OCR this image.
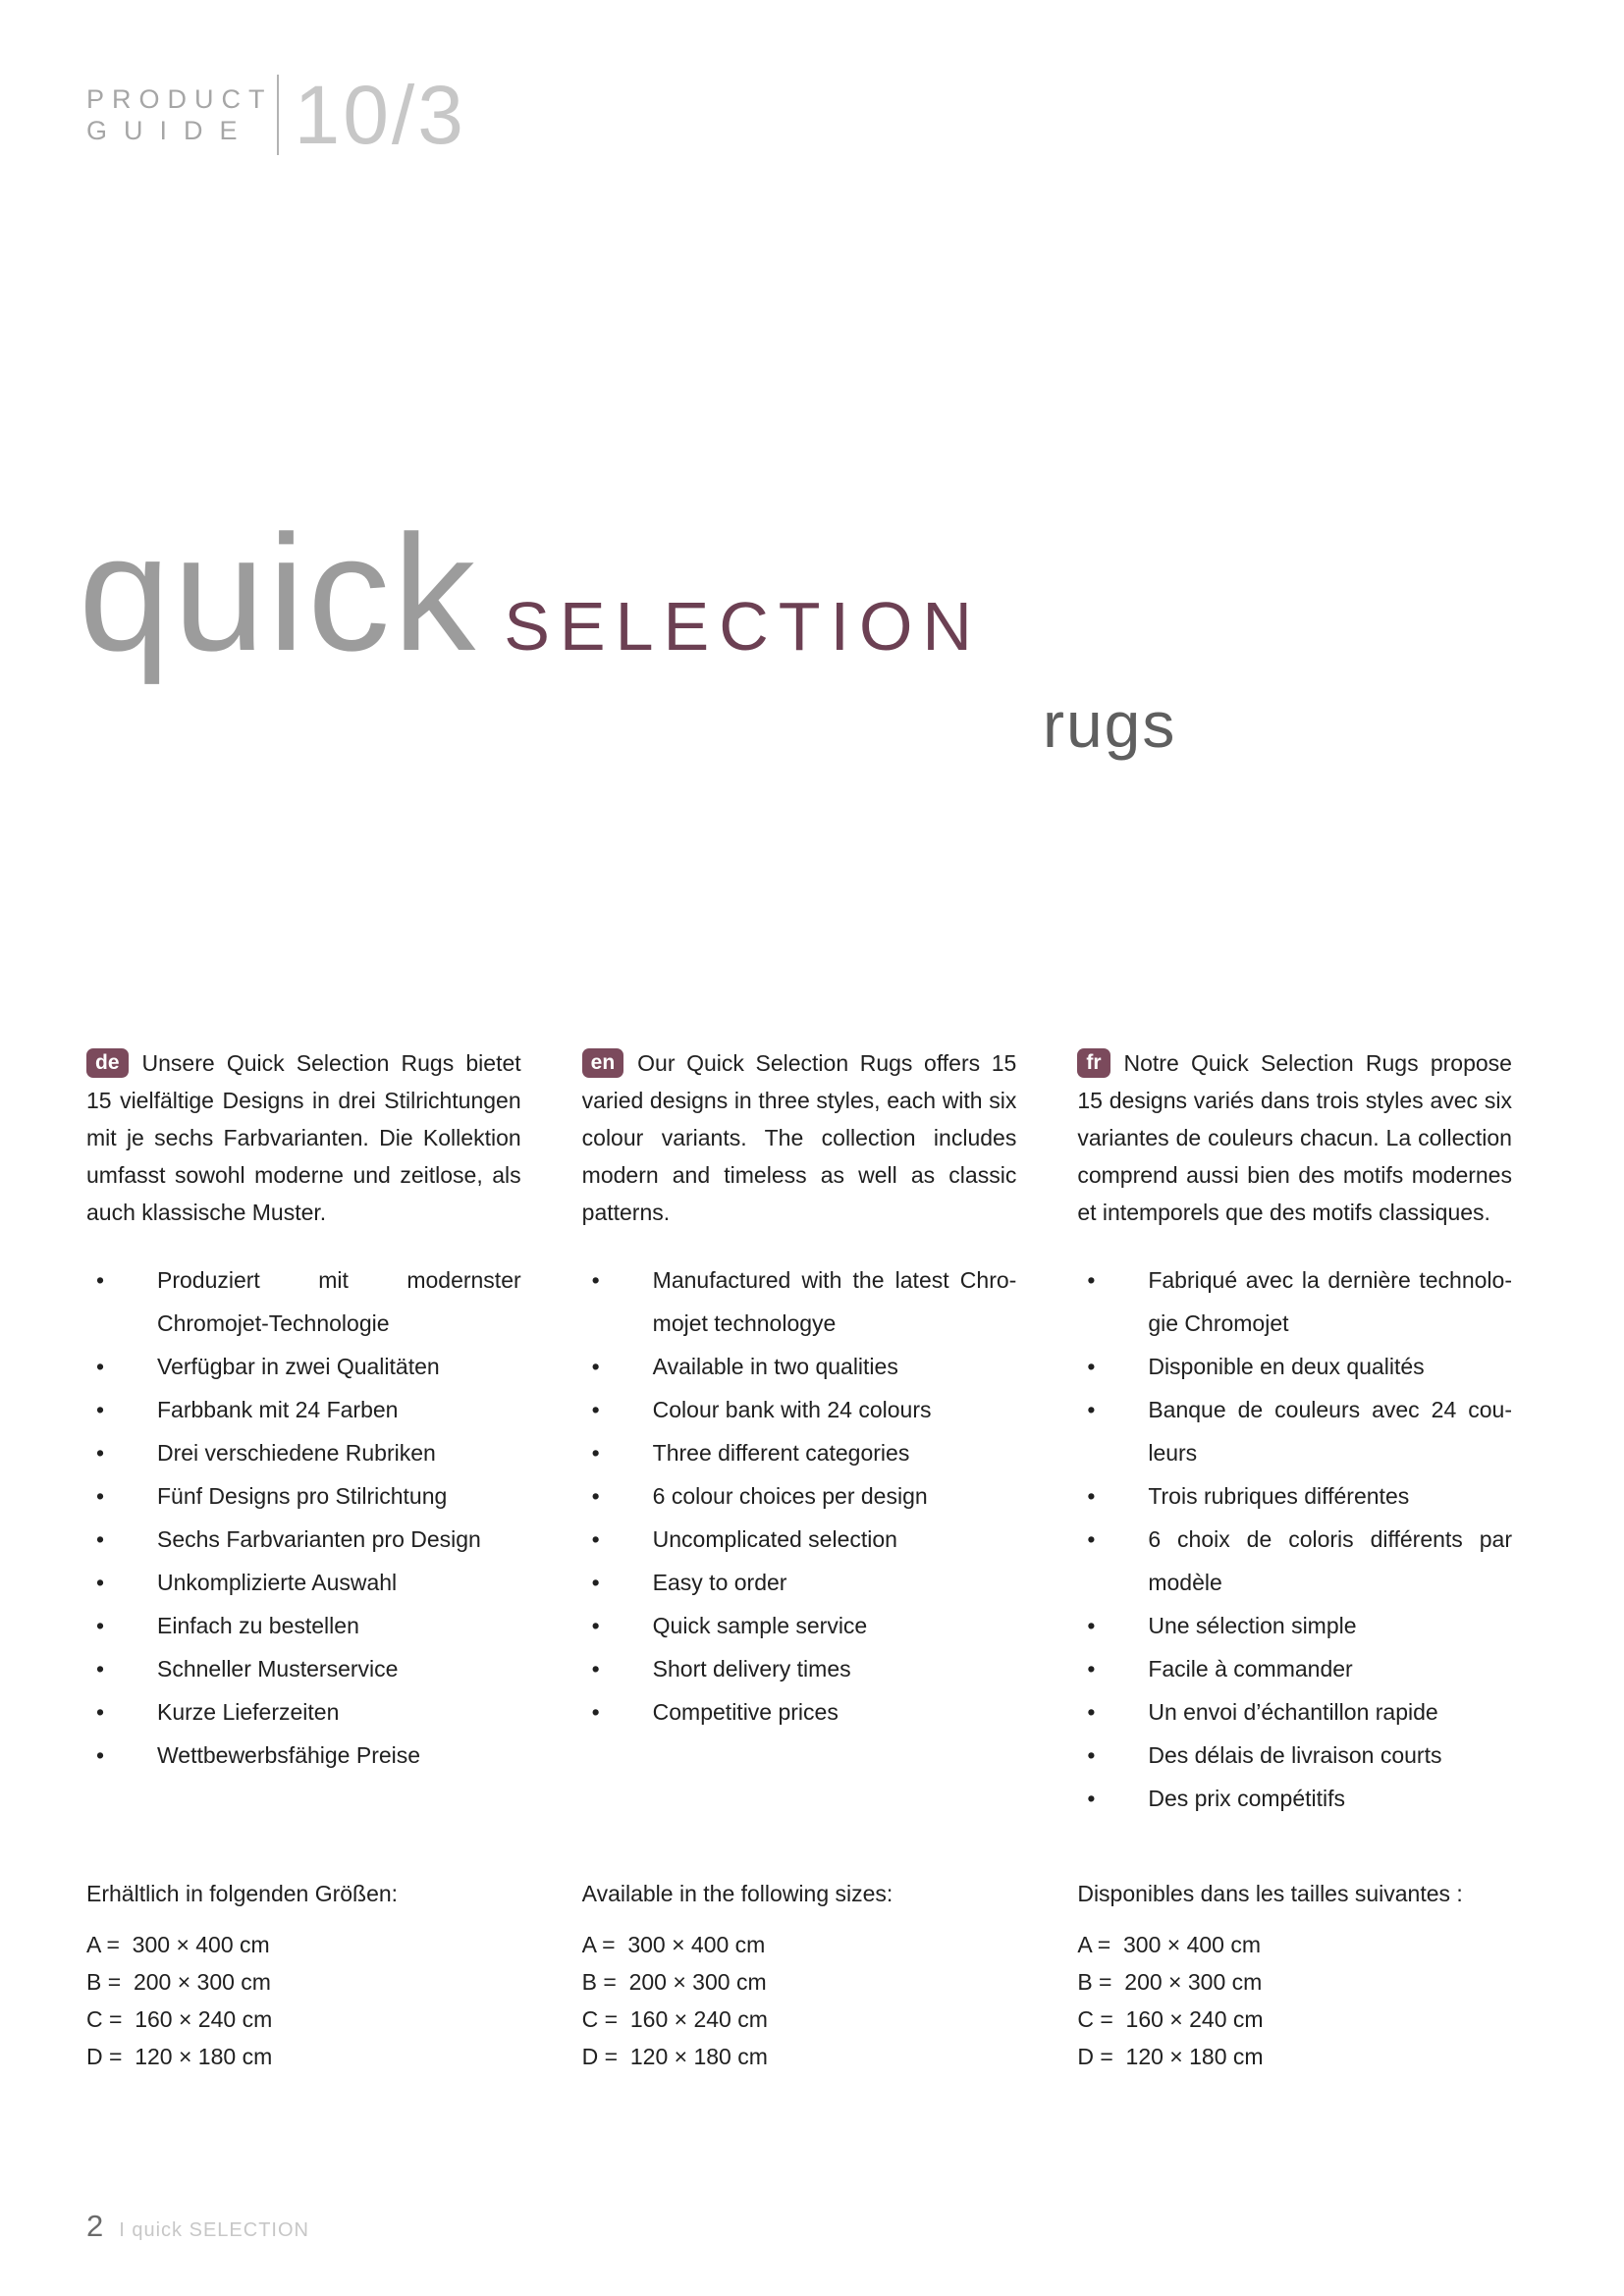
PRODUCT
GUIDE 10/3
quick SELECTION
rugs

de Unsere Quick Selection Rugs bietet 15 vielfältige Designs in drei Stilrichtungen mit je sechs Farbvarianten. Die Kollektion umfasst sowohl moderne und zeitlose, als auch klassische Muster.

• Produziert mit modernster Chromojet-Technologie
• Verfügbar in zwei Qualitäten
• Farbbank mit 24 Farben
• Drei verschiedene Rubriken
• Fünf Designs pro Stilrichtung
• Sechs Farbvarianten pro Design
• Unkomplizierte Auswahl
• Einfach zu bestellen
• Schneller Musterservice
• Kurze Lieferzeiten
• Wettbewerbsfähige Preise

en Our Quick Selection Rugs offers 15 varied designs in three styles, each with six colour variants. The collection includes modern and timeless as well as classic patterns.

• Manufactured with the latest Chromojet technologye
• Available in two qualities
• Colour bank with 24 colours
• Three different categories
• 6 colour choices per design
• Uncomplicated selection
• Easy to order
• Quick sample service
• Short delivery times
• Competitive prices

fr Notre Quick Selection Rugs propose 15 designs variés dans trois styles avec six variantes de couleurs chacun. La collection comprend aussi bien des motifs modernes et intemporels que des motifs classiques.

• Fabriqué avec la dernière technologie Chromojet
• Disponible en deux qualités
• Banque de couleurs avec 24 couleurs
• Trois rubriques différentes
• 6 choix de coloris différents par modèle
• Une sélection simple
• Facile à commander
• Un envoi d’échantillon rapide
• Des délais de livraison courts
• Des prix compétitifs
Erhältlich in folgenden Größen:
A =  300 × 400 cm
B =  200 × 300 cm
C =  160 × 240 cm
D =  120 × 180 cm
Available in the following sizes:
A =  300 × 400 cm
B =  200 × 300 cm
C =  160 × 240 cm
D =  120 × 180 cm
Disponibles dans les tailles suivantes :
A =  300 × 400 cm
B =  200 × 300 cm
C =  160 × 240 cm
D =  120 × 180 cm
2 I quick SELECTION
